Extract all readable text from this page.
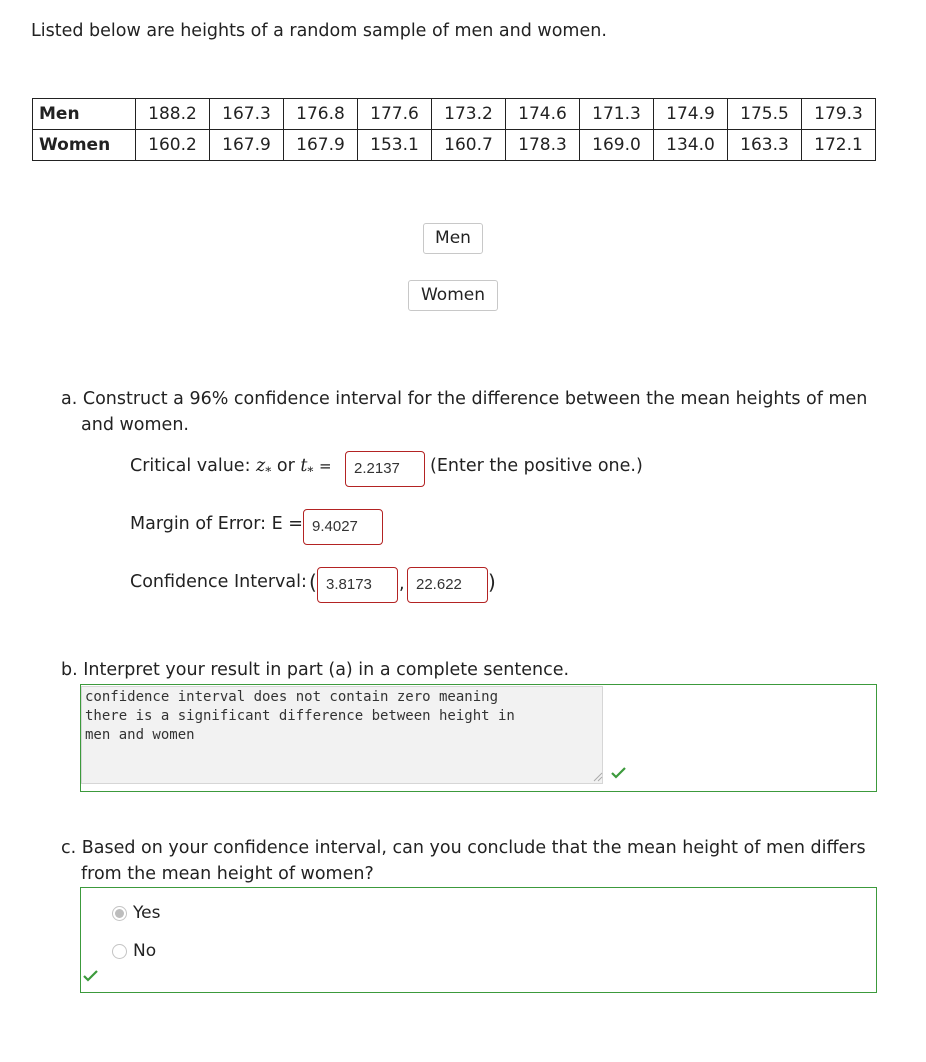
Listed below are heights of a random sample of men and women.
Men	188.2	167.3	176.8	177.6	173.2	174.6	171.3	174.9	175.5	179.3
Women	160.2	167.9	167.9	153.1	160.7	178.3	169.0	134.0	163.3	172.1
Men
Women
a. Construct a 96% confidence interval for the difference between the mean heights of men
and women.
Critical value: $z_*$ or $t_*$ =	2.2137	(Enter the positive one.)
Margin of Error: E = 9.4027
Confidence Interval: ( 3.8173	, 22.622	)
b. Interpret your result in part (a) in a complete sentence.
confidence interval does not contain zero meaning
there is a significant difference between height in
men and women
c. Based on your confidence interval, can you conclude that the mean height of men differs
from the mean height of women?
Yes
No
